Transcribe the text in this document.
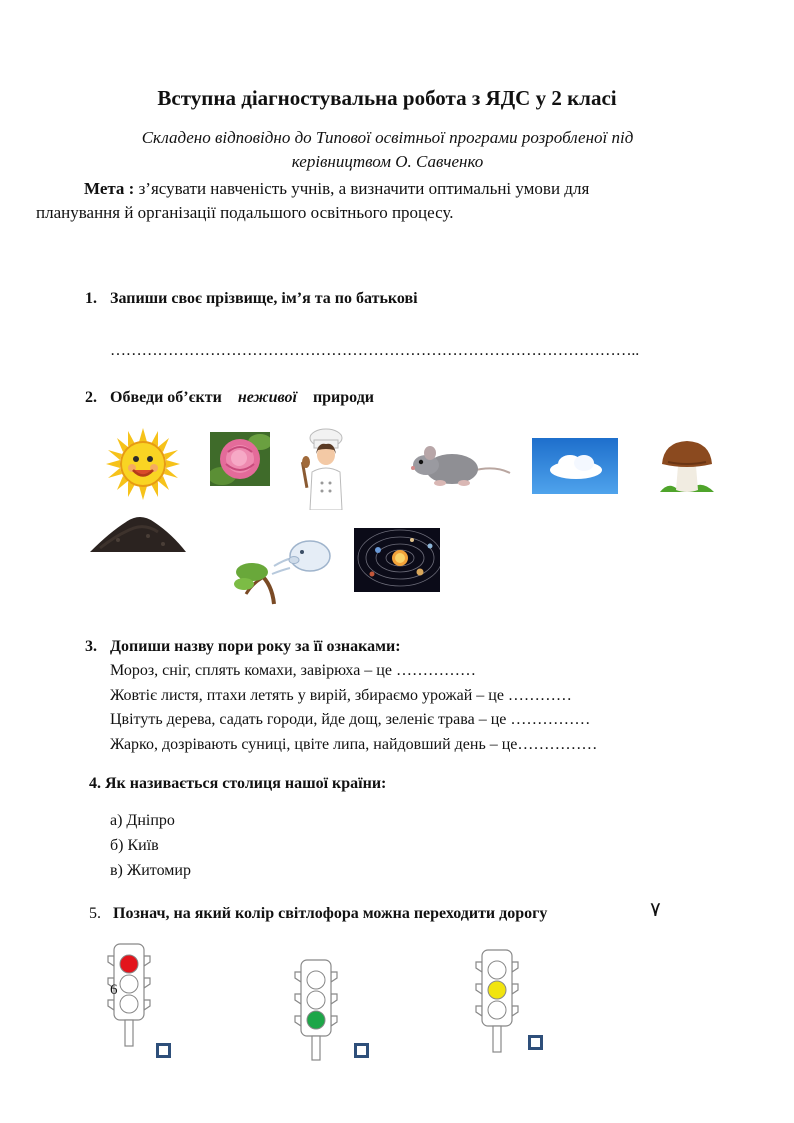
Вступна діагностувальна робота з ЯДС у 2 класі
Складено відповідно до Типової освітньої програми розробленої під
керівництвом О. Савченко
Мета : з’ясувати навченість учнів, а визначити оптимальні умови для
планування й організації подальшого освітнього процесу.
1. Запиши своє прізвище, ім’я та по батькові
………………………………………………………………………………………..
2. Обведи об’єкти неживої природи
3. Допиши назву пори року за її ознаками:
Мороз, сніг, сплять комахи, завірюха – це ……………
Жовтіє листя, птахи летять у вирій, збираємо урожай – це …………
Цвітуть дерева, садать городи, йде дощ, зеленіє трава – це ……………
Жарко, дозрівають суниці, цвіте липа, найдовший день – це……………
4. Як називається столиця нашої країни:
а) Дніпро
б) Київ
в) Житомир
5. Познач, на який колір світлофора можна переходити дорогу	٧
6
